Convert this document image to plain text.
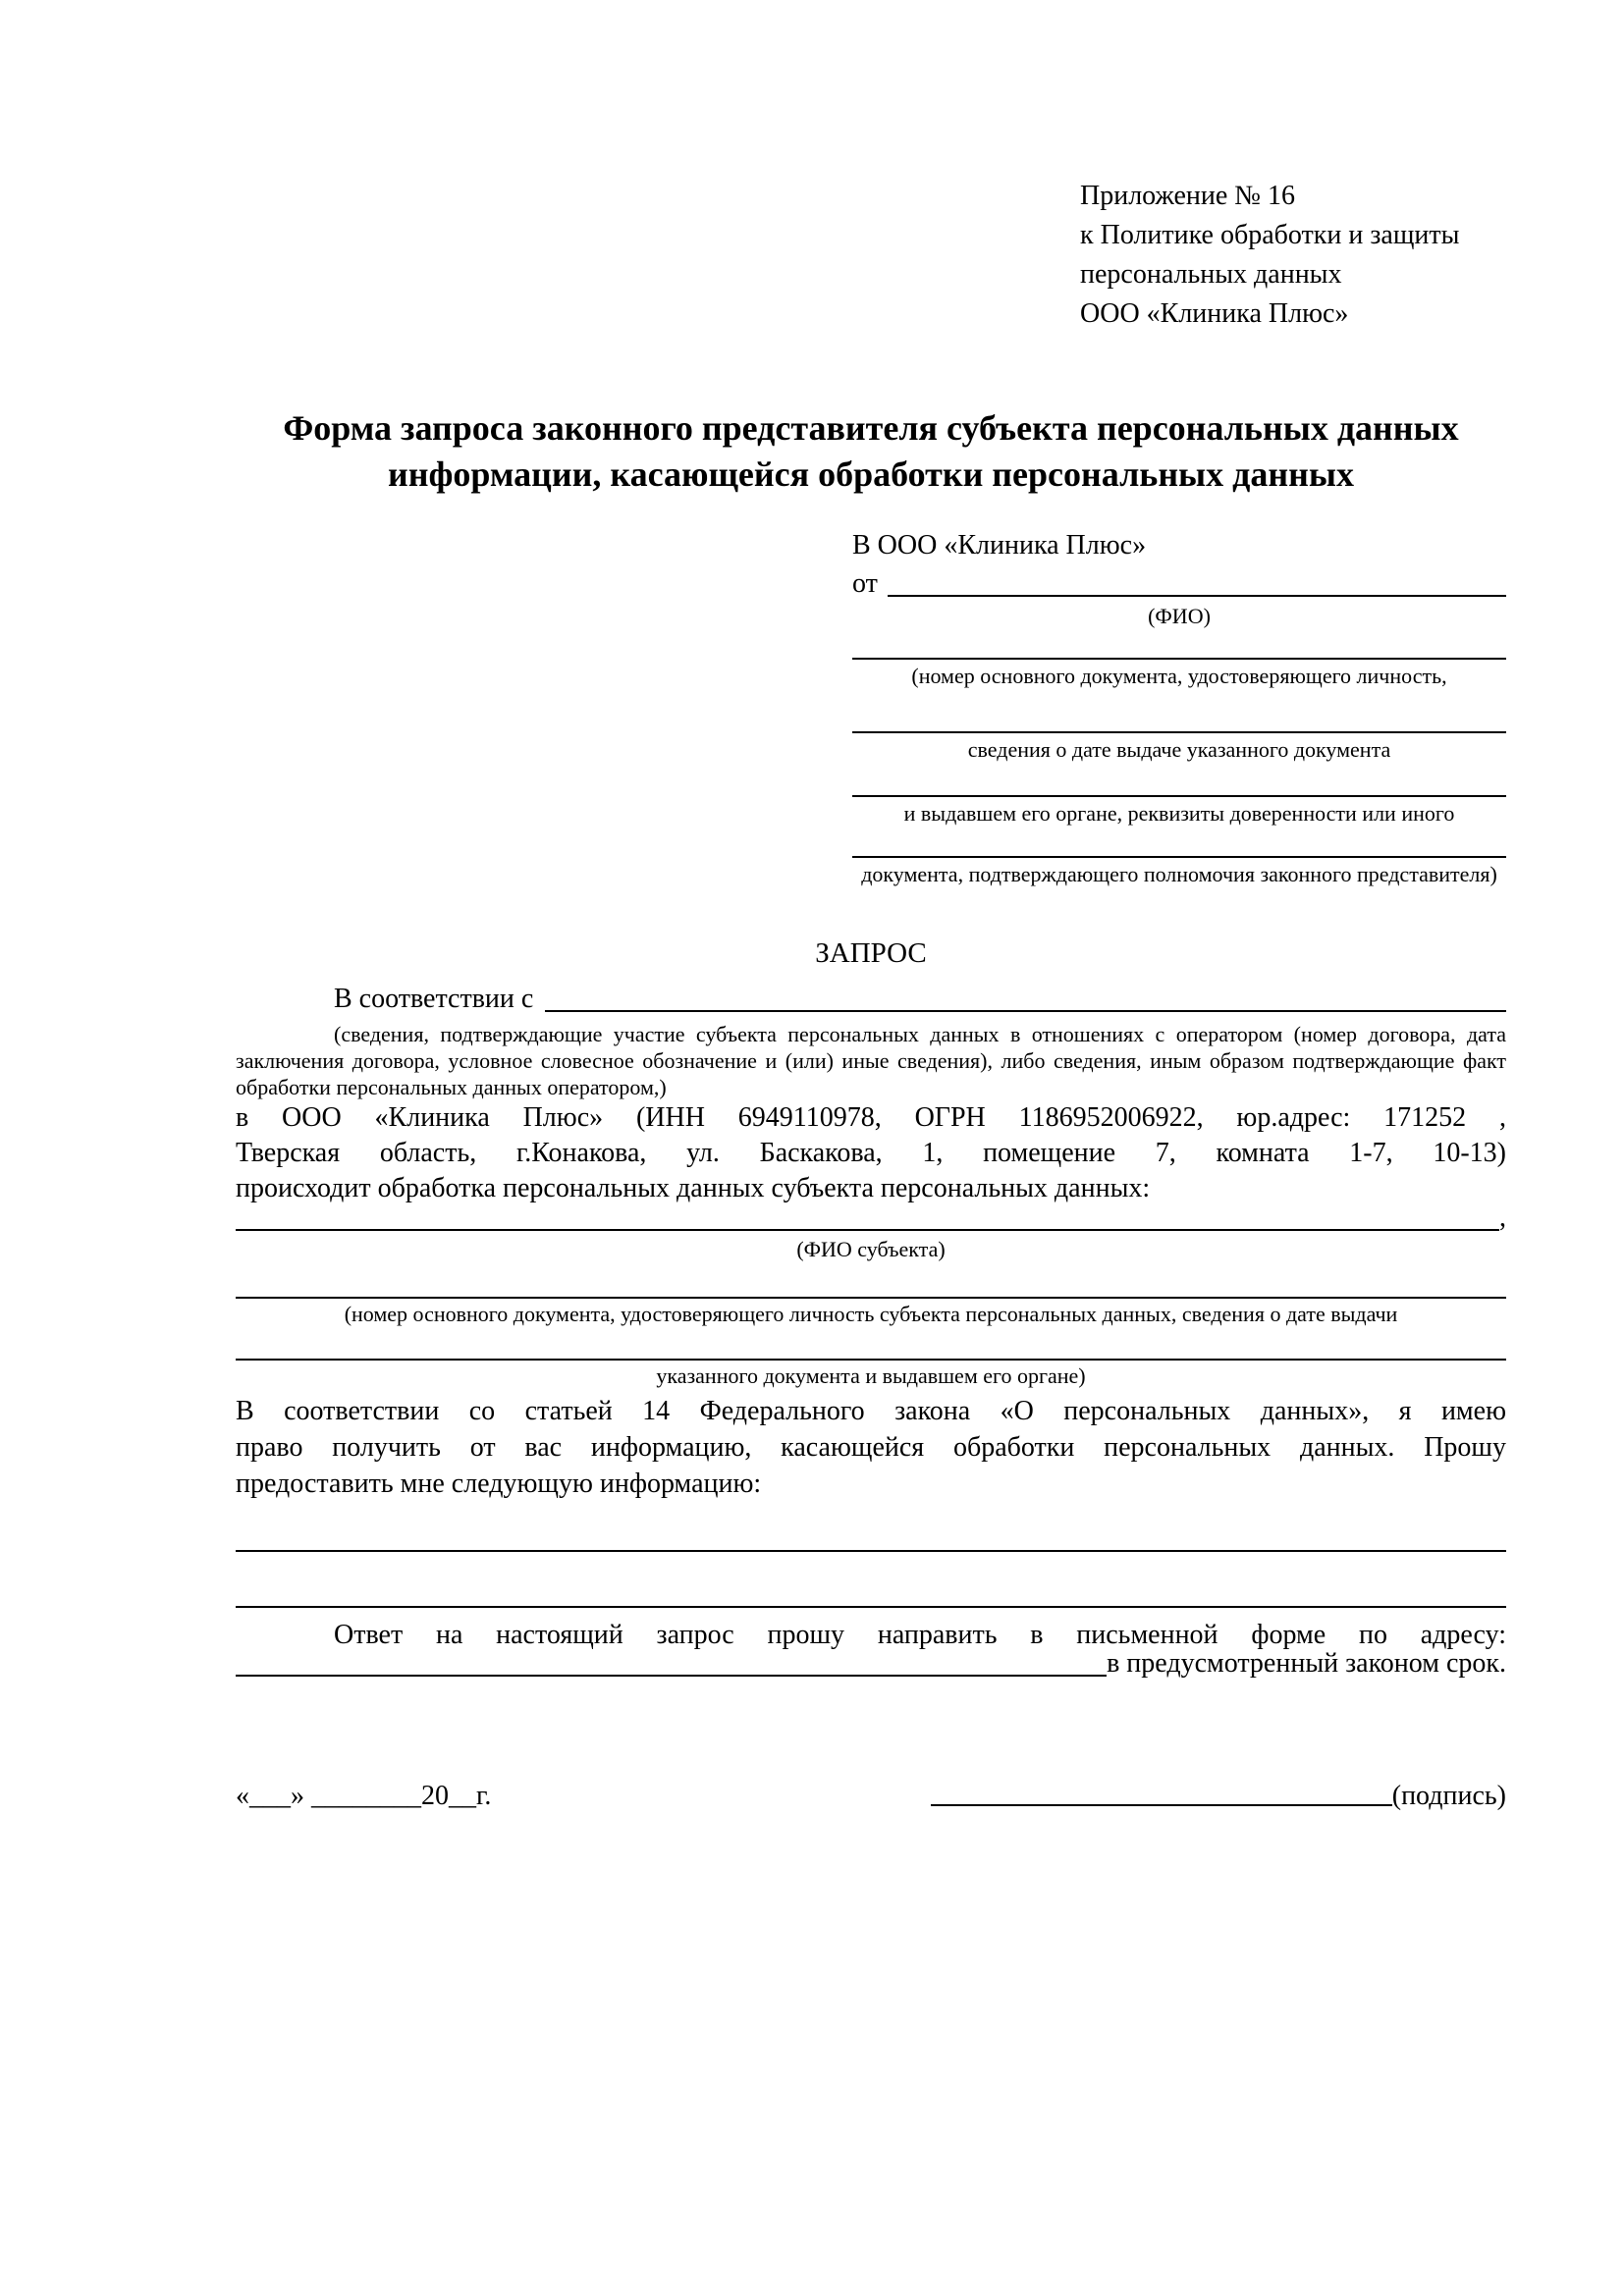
Приложение № 16
к Политике обработки и защиты
персональных данных
ООО «Клиника Плюс»
Форма запроса законного представителя субъекта персональных данных
информации, касающейся обработки персональных данных
В ООО «Клиника Плюс»
от
(ФИО)
(номер основного документа, удостоверяющего личность,
сведения о дате выдаче указанного документа
и выдавшем его органе, реквизиты доверенности или иного
документа, подтверждающего полномочия законного представителя)
ЗАПРОС
В соответствии с
(сведения, подтверждающие участие субъекта персональных данных в отношениях с оператором (номер договора, дата
заключения договора, условное словесное обозначение и (или) иные сведения), либо сведения, иным образом подтверждающие факт
обработки персональных данных оператором,)
в ООО «Клиника Плюс» (ИНН 6949110978, ОГРН 1186952006922, юр.адрес: 171252 ,
Тверская область, г.Конакова, ул. Баскакова, 1, помещение 7, комната 1-7, 10-13)
происходит обработка персональных данных субъекта персональных данных:
,
(ФИО субъекта)
(номер основного документа, удостоверяющего личность субъекта персональных данных, сведения о дате выдачи
указанного документа и выдавшем его органе)
В соответствии со статьей 14 Федерального закона «О персональных данных», я имею
право получить от вас информацию, касающейся обработки персональных данных. Прошу
предоставить мне следующую информацию:
Ответ на настоящий запрос прошу направить в письменной форме по адресу:
в предусмотренный законом срок.
«___» ________20__г.	(подпись)
